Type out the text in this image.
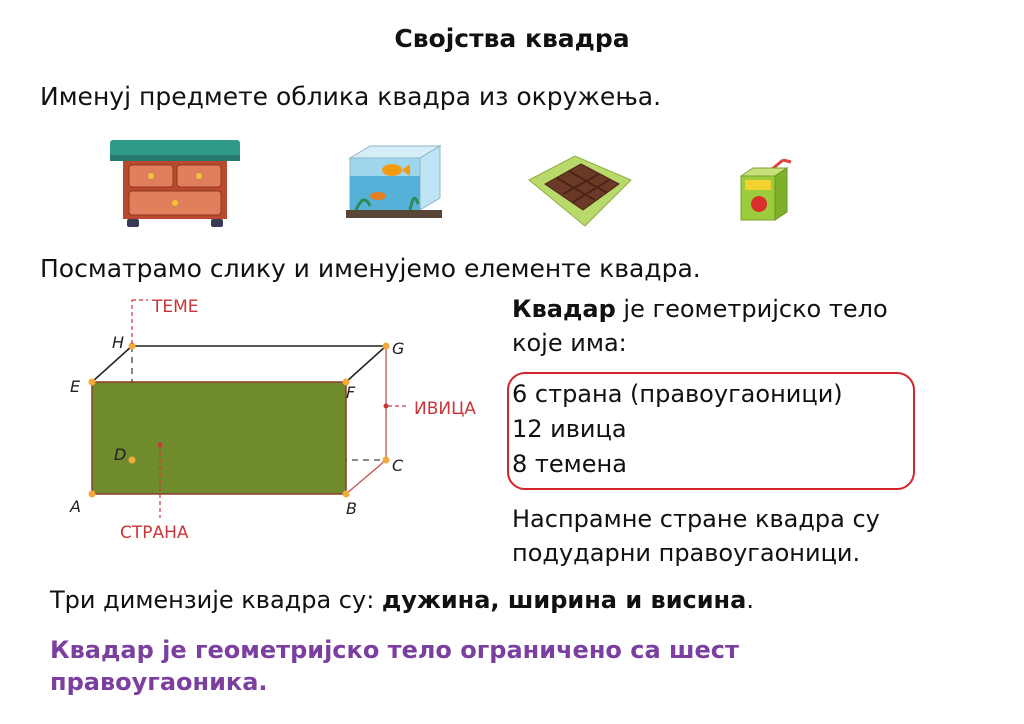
Својства квадра
Именуј предмете облика квадра из окружења.
Посматрамо слику и именујемо елементе квадра.
ТЕМЕ
ИВИЦА
СТРАНА
A	B
C
D
E	F
G
H
Квадар је геометријско тело
које има:
6 страна (правоугаоници)
12 ивица
8 темена
Наспрамне стране квадра су
подударни правоугаоници.
Три димензије квадра су: дужина, ширина и висина.
Квадар је геометријско тело ограничено са шест
правоугаоника.
